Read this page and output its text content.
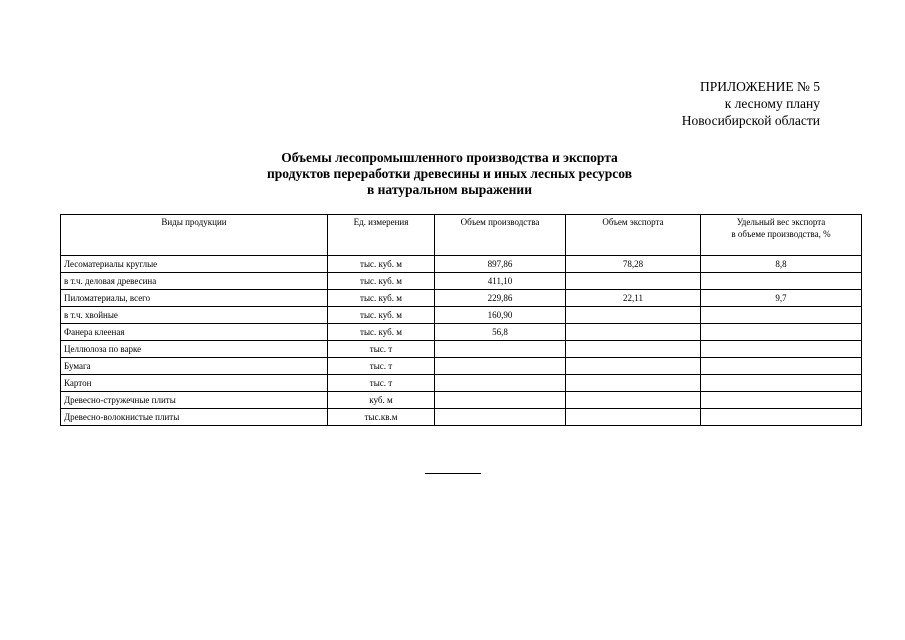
ПРИЛОЖЕНИЕ № 5
к лесному плану
Новосибирской области
Объемы лесопромышленного производства и экспорта
продуктов переработки древесины и иных лесных ресурсов
в натуральном выражении
Виды продукции	Ед. измерения	Объем производства	Объем экспорта	Удельный вес экспорта
в объеме производства, %

Лесоматериалы круглые	тыс. куб. м	897,86	78,28	8,8
в т.ч. деловая древесина	тыс. куб. м	411,10		
Пиломатериалы, всего	тыс. куб. м	229,86	22,11	9,7
в т.ч. хвойные	тыс. куб. м	160,90		
Фанера клееная	тыс. куб. м	56,8		
Целлюлоза по варке	тыс. т			
Бумага	тыс. т			
Картон	тыс. т			
Древесно-стружечные плиты	куб. м			
Древесно-волокнистые плиты	тыс.кв.м			
